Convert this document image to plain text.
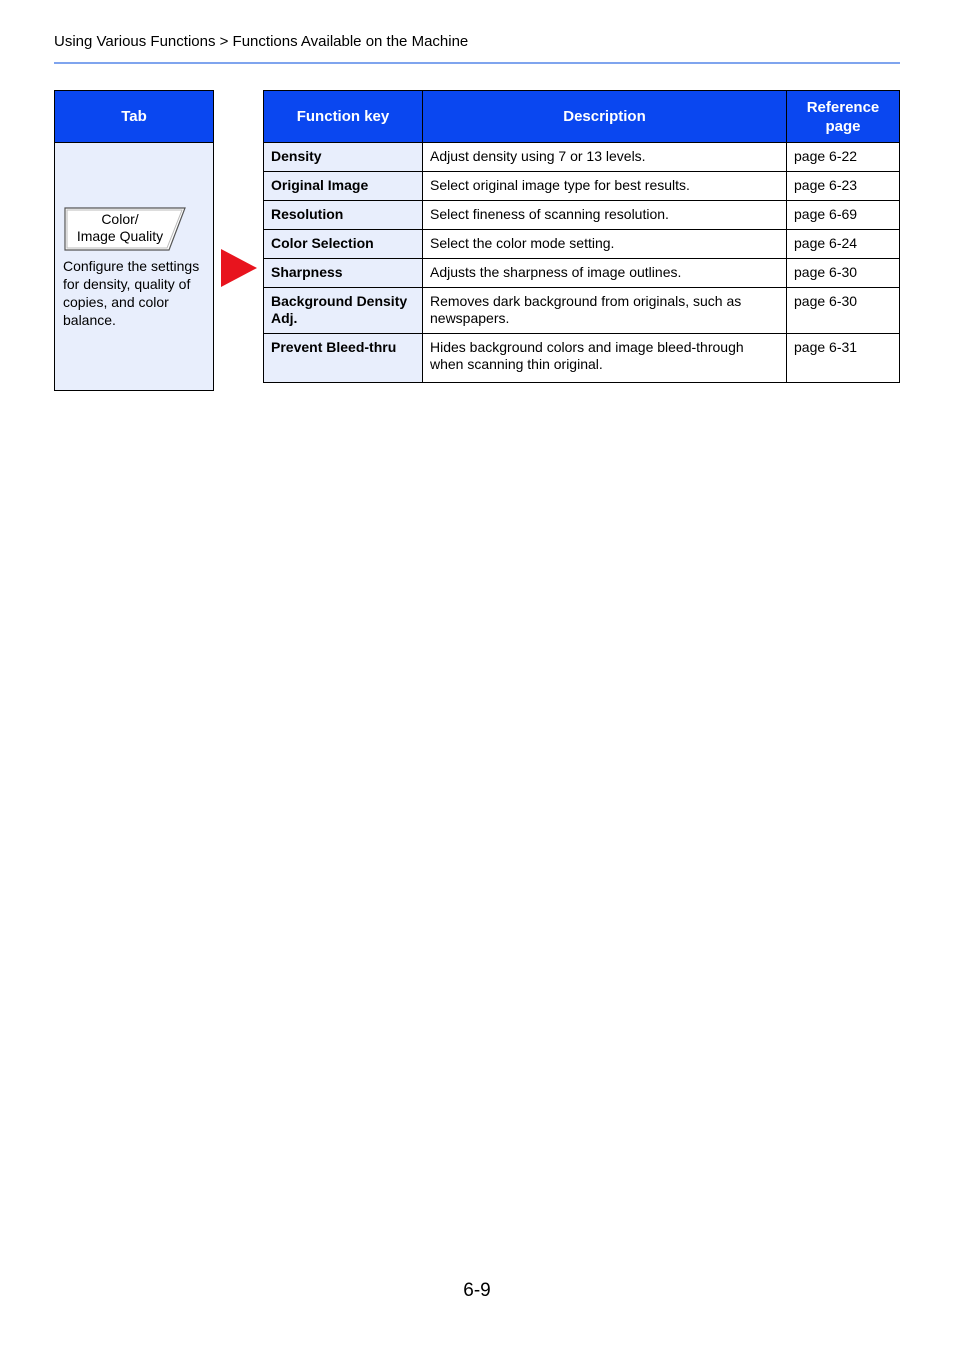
Using Various Functions > Functions Available on the Machine
Tab
Color/
Image Quality
Configure the settings for density, quality of copies, and color balance.
Function key	Description	Reference
page

Density	Adjust density using 7 or 13 levels.	page 6-22
Original Image	Select original image type for best results.	page 6-23
Resolution	Select fineness of scanning resolution.	page 6-69
Color Selection	Select the color mode setting.	page 6-24
Sharpness	Adjusts the sharpness of image outlines.	page 6-30
Background Density Adj.	Removes dark background from originals, such as newspapers.	page 6-30
Prevent Bleed-thru	Hides background colors and image bleed-through when scanning thin original.	page 6-31
6-9
